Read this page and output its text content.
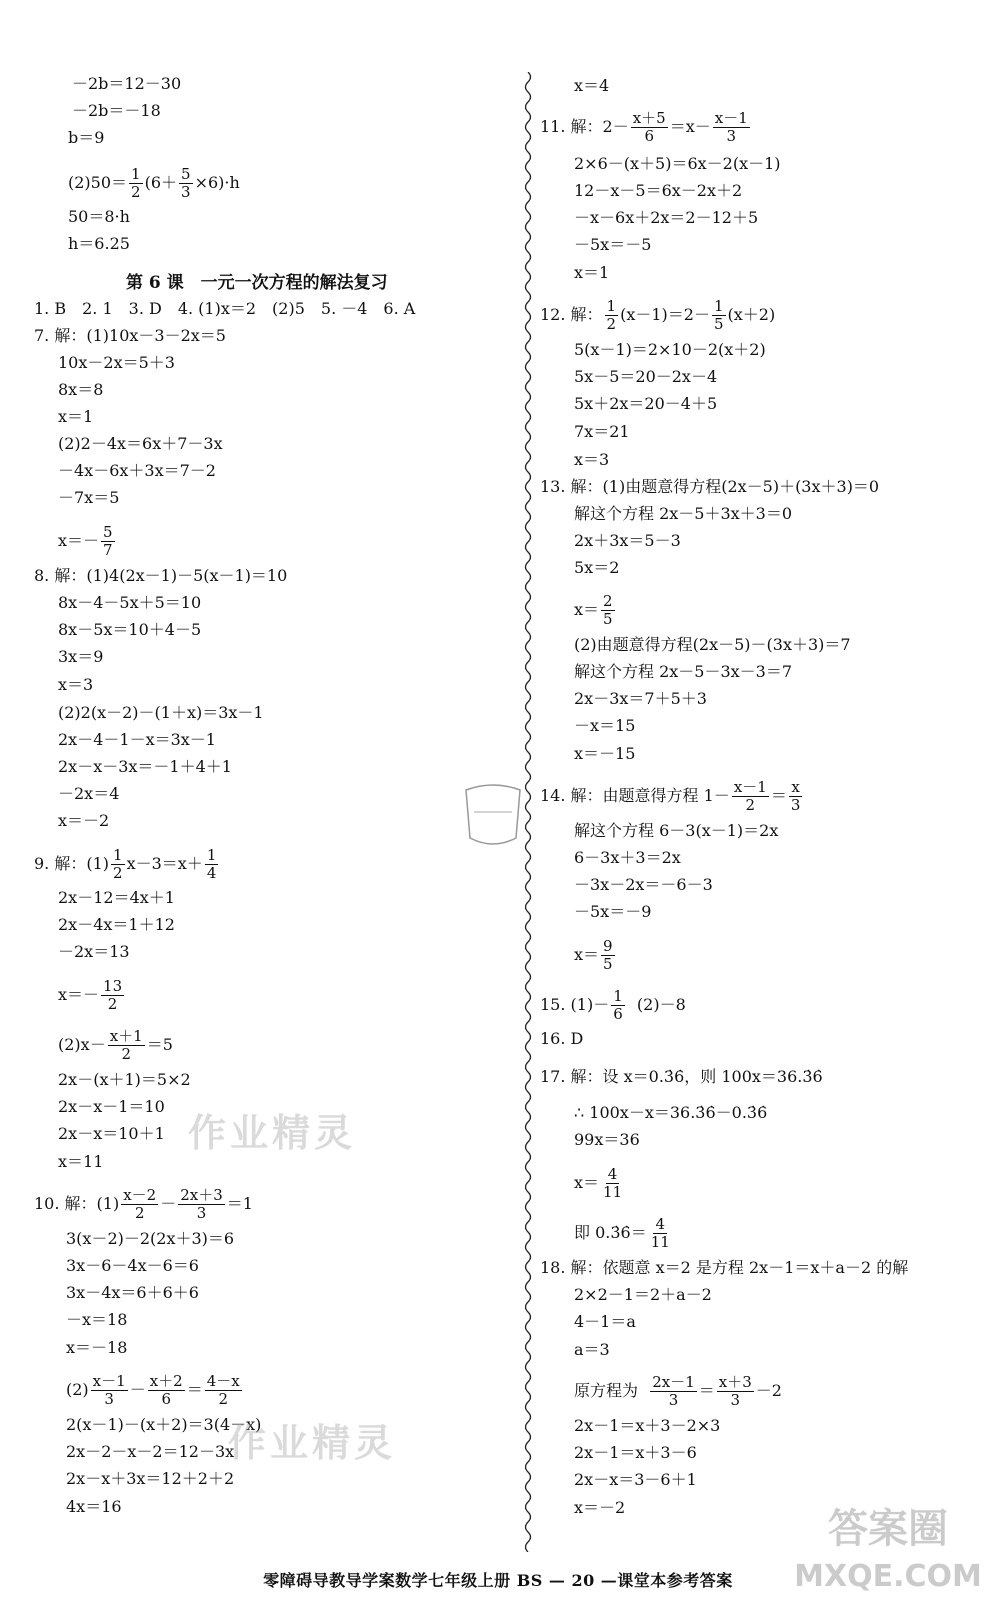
－2b＝12－30
－2b＝－18
b＝9
$(2)50= \frac{1}{2} (6+ \frac{5}{3} \times 6)\cdot h$
50＝8·h
h＝6.25
第 6 课　一元一次方程的解法复习
1. B　2. 1　3. D　4. (1)x＝2　(2)5　5. －4　6. A
7. 解：(1)10x－3－2x＝5
10x－2x＝5＋3
8x＝8
x＝1
(2)2－4x＝6x＋7－3x
－4x－6x＋3x＝7－2
－7x＝5
$x=- \frac{5}{7}$
8. 解：(1)4(2x－1)－5(x－1)＝10
8x－4－5x＋5＝10
8x－5x＝10＋4－5
3x＝9
x＝3
(2)2(x－2)－(1＋x)＝3x－1
2x－4－1－x＝3x－1
2x－x－3x＝－1＋4＋1
－2x＝4
x＝－2
9. 解：$(1) \frac{1}{2} x-3=x+ \frac{1}{4}$
2x－12＝4x＋1
2x－4x＝1＋12
－2x＝13
$x=- \frac{13}{2}$
$(2)x- \frac{x+1}{2} =5$
2x－(x＋1)＝5×2
2x－x－1＝10
2x－x＝10＋1
x＝11
10. 解：$(1) \frac{x-2}{2} - \frac{2x+3}{3} =1$
3(x－2)－2(2x＋3)＝6
3x－6－4x－6＝6
3x－4x＝6＋6＋6
－x＝18
x＝－18
$(2) \frac{x-1}{3} - \frac{x+2}{6} = \frac{4-x}{2}$
2(x－1)－(x＋2)＝3(4－x)
2x－2－x－2＝12－3x
2x－x＋3x＝12＋2＋2
4x＝16
x＝4
11. 解：$2- \frac{x+5}{6} =x- \frac{x-1}{3}$
2×6－(x＋5)＝6x－2(x－1)
12－x－5＝6x－2x＋2
－x－6x＋2x＝2－12＋5
－5x＝－5
x＝1
12. 解： $\frac{1}{2} (x-1)=2- \frac{1}{5} (x+2)$
5(x－1)＝2×10－2(x＋2)
5x－5＝20－2x－4
5x＋2x＝20－4＋5
7x＝21
x＝3
13. 解：(1)由题意得方程(2x－5)＋(3x＋3)＝0
解这个方程 2x－5＋3x＋3＝0
2x＋3x＝5－3
5x＝2
$x= \frac{2}{5}$
(2)由题意得方程(2x－5)－(3x＋3)＝7
解这个方程 2x－5－3x－3＝7
2x－3x＝7＋5＋3
－x＝15
x＝－15
14. 解：由题意得方程 $1- \frac{x-1}{2} = \frac{x}{3}$
解这个方程 6－3(x－1)＝2x
6－3x＋3＝2x
－3x－2x＝－6－3
－5x＝－9
$x= \frac{9}{5}$
15. $(1)- \frac{1}{6} (2)-8$
16. D
17. 解：设 x＝0.3̇6̇，则 100x＝36.3̇6̇
∴ 100x－x＝36.3̇6̇－0.3̇6̇
99x＝36
$x= \frac{4}{11}$
即 0.3̇6̇＝ $\frac{4}{11}$
18. 解：依题意 x＝2 是方程 2x－1＝x＋a－2 的解
2×2－1＝2＋a－2
4－1＝a
a＝3
原方程为 $\frac{2x-1}{3} = \frac{x+3}{3} -2$
2x－1＝x＋3－2×3
2x－1＝x＋3－6
2x－x＝3－6＋1
x＝－2
作业精灵
作业精灵
答案圈
MXQE.COM
零障碍导教导学案数学七年级上册 BS — 20 —课堂本参考答案
